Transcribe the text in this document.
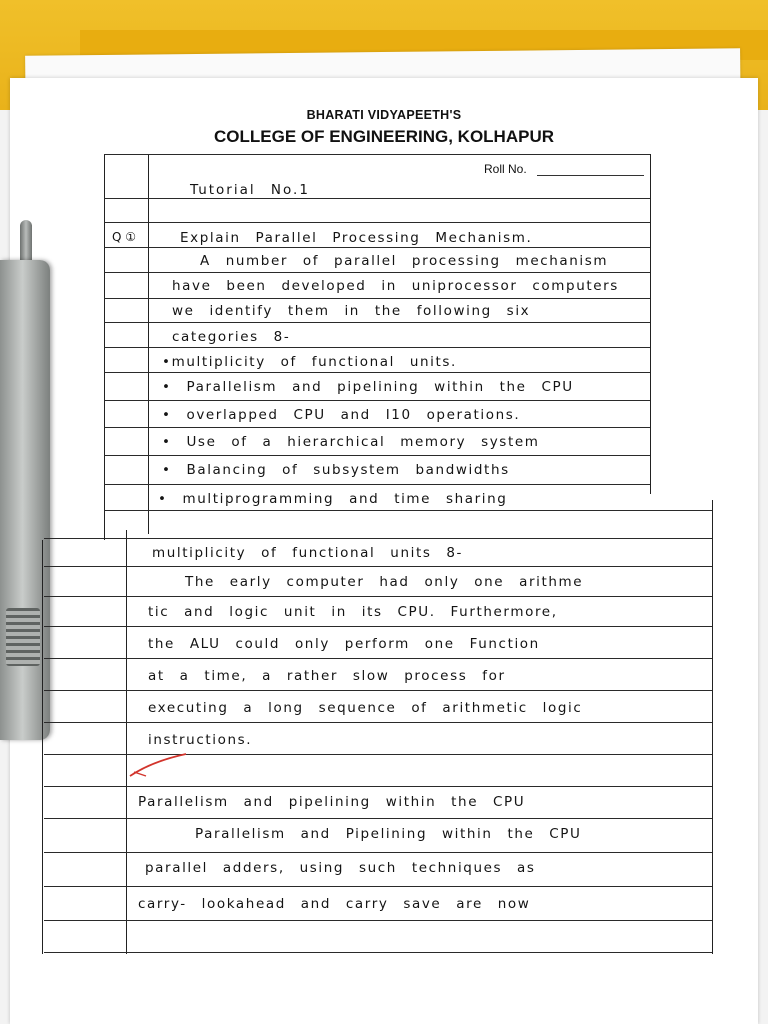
BHARATI VIDYAPEETH'S
COLLEGE OF ENGINEERING, KOLHAPUR
Roll No.
Tutorial No.1
Q ①	Explain Parallel Processing Mechanism.
A number of parallel processing mechanism
have been developed in uniprocessor computers
we identify them in the following six
categories 8-
•multiplicity of functional units.
• Parallelism and pipelining within the CPU
• overlapped CPU and I10 operations.
• Use of a hierarchical memory system
• Balancing of subsystem bandwidths
• multiprogramming and time sharing
multiplicity of functional units 8-
The early computer had only one arithme
tic and logic unit in its CPU. Furthermore,
the ALU could only perform one Function
at a time, a rather slow process for
executing a long sequence of arithmetic logic
instructions.
Parallelism and pipelining within the CPU
Parallelism and Pipelining within the CPU
parallel adders, using such techniques as
carry- lookahead and carry save are now
